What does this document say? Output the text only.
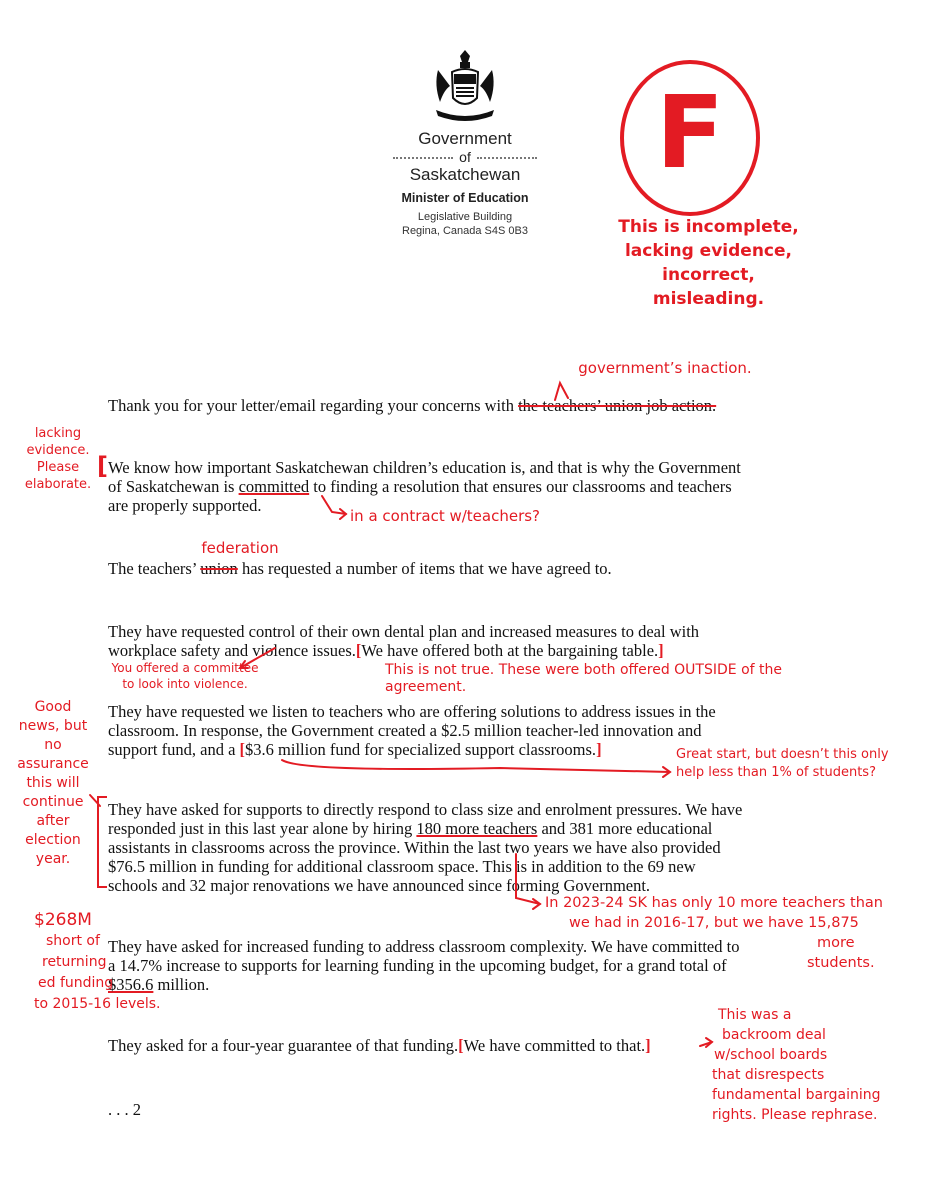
Government
of
Saskatchewan
Minister of Education
Legislative Building
Regina, Canada S4S 0B3
F
This is incomplete,
lacking evidence,
incorrect, misleading.

Thank you for your letter/email regarding your concerns with the teachers’ union job action.

We know how important Saskatchewan children’s education is, and that is why the Government

of Saskatchewan is committed to finding a resolution that ensures our classrooms and teachers

are properly supported.

The teachers’ union has requested a number of items that we have agreed to.

They have requested control of their own dental plan and increased measures to deal with

workplace safety and violence issues.[We have offered both at the bargaining table.]

They have requested we listen to teachers who are offering solutions to address issues in the

classroom. In response, the Government created a $2.5 million teacher-led innovation and

support fund, and a [$3.6 million fund for specialized support classrooms.]

They have asked for supports to directly respond to class size and enrolment pressures. We have

responded just in this last year alone by hiring 180 more teachers and 381 more educational

assistants in classrooms across the province. Within the last two years we have also provided

$76.5 million in funding for additional classroom space. This is in addition to the 69 new

schools and 32 major renovations we have announced since forming Government.

They have asked for increased funding to address classroom complexity. We have committed to

a 14.7% increase to supports for learning funding in the upcoming budget, for a grand total of

$356.6 million.

They asked for a four-year guarantee of that funding.[We have committed to that.]

. . . 2
government’s inaction.
federation
lacking
evidence.
Please
elaborate.
[
in a contract w/teachers?
You offered a committee
to look into violence.
This is not true. These were both offered OUTSIDE of the agreement.
Good
news, but
no assurance
this will
continue
after
election
year.
Great start, but doesn’t this only
help less than 1% of students?
In 2023-24 SK has only 10 more teachers than
we had in 2016-17, but we have 15,875
more
students.
$268M
short of
returning
ed funding
to 2015-16 levels.
This was a
backroom deal
w/school boards
that disrespects
fundamental bargaining
rights. Please rephrase.
